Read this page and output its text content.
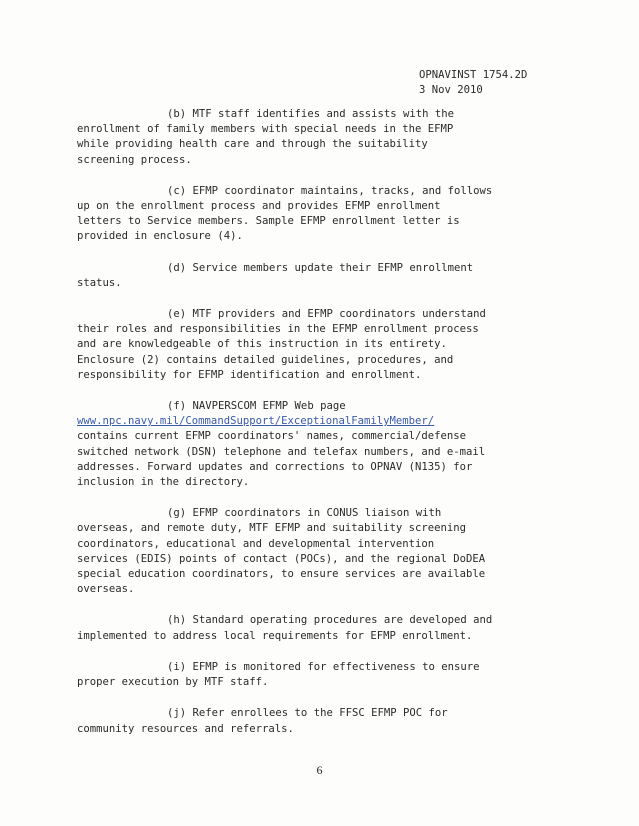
OPNAVINST 1754.2D
3 Nov 2010
(b) MTF staff identifies and assists with the
enrollment of family members with special needs in the EFMP
while providing health care and through the suitability
screening process.
(c) EFMP coordinator maintains, tracks, and follows
up on the enrollment process and provides EFMP enrollment
letters to Service members. Sample EFMP enrollment letter is
provided in enclosure (4).
(d) Service members update their EFMP enrollment
status.
(e) MTF providers and EFMP coordinators understand
their roles and responsibilities in the EFMP enrollment process
and are knowledgeable of this instruction in its entirety.
Enclosure (2) contains detailed guidelines, procedures, and
responsibility for EFMP identification and enrollment.
(f) NAVPERSCOM EFMP Web page
www.npc.navy.mil/CommandSupport/ExceptionalFamilyMember/
contains current EFMP coordinators' names, commercial/defense
switched network (DSN) telephone and telefax numbers, and e-mail
addresses. Forward updates and corrections to OPNAV (N135) for
inclusion in the directory.
(g) EFMP coordinators in CONUS liaison with
overseas, and remote duty, MTF EFMP and suitability screening
coordinators, educational and developmental intervention
services (EDIS) points of contact (POCs), and the regional DoDEA
special education coordinators, to ensure services are available
overseas.
(h) Standard operating procedures are developed and
implemented to address local requirements for EFMP enrollment.
(i) EFMP is monitored for effectiveness to ensure
proper execution by MTF staff.
(j) Refer enrollees to the FFSC EFMP POC for
community resources and referrals.
6
